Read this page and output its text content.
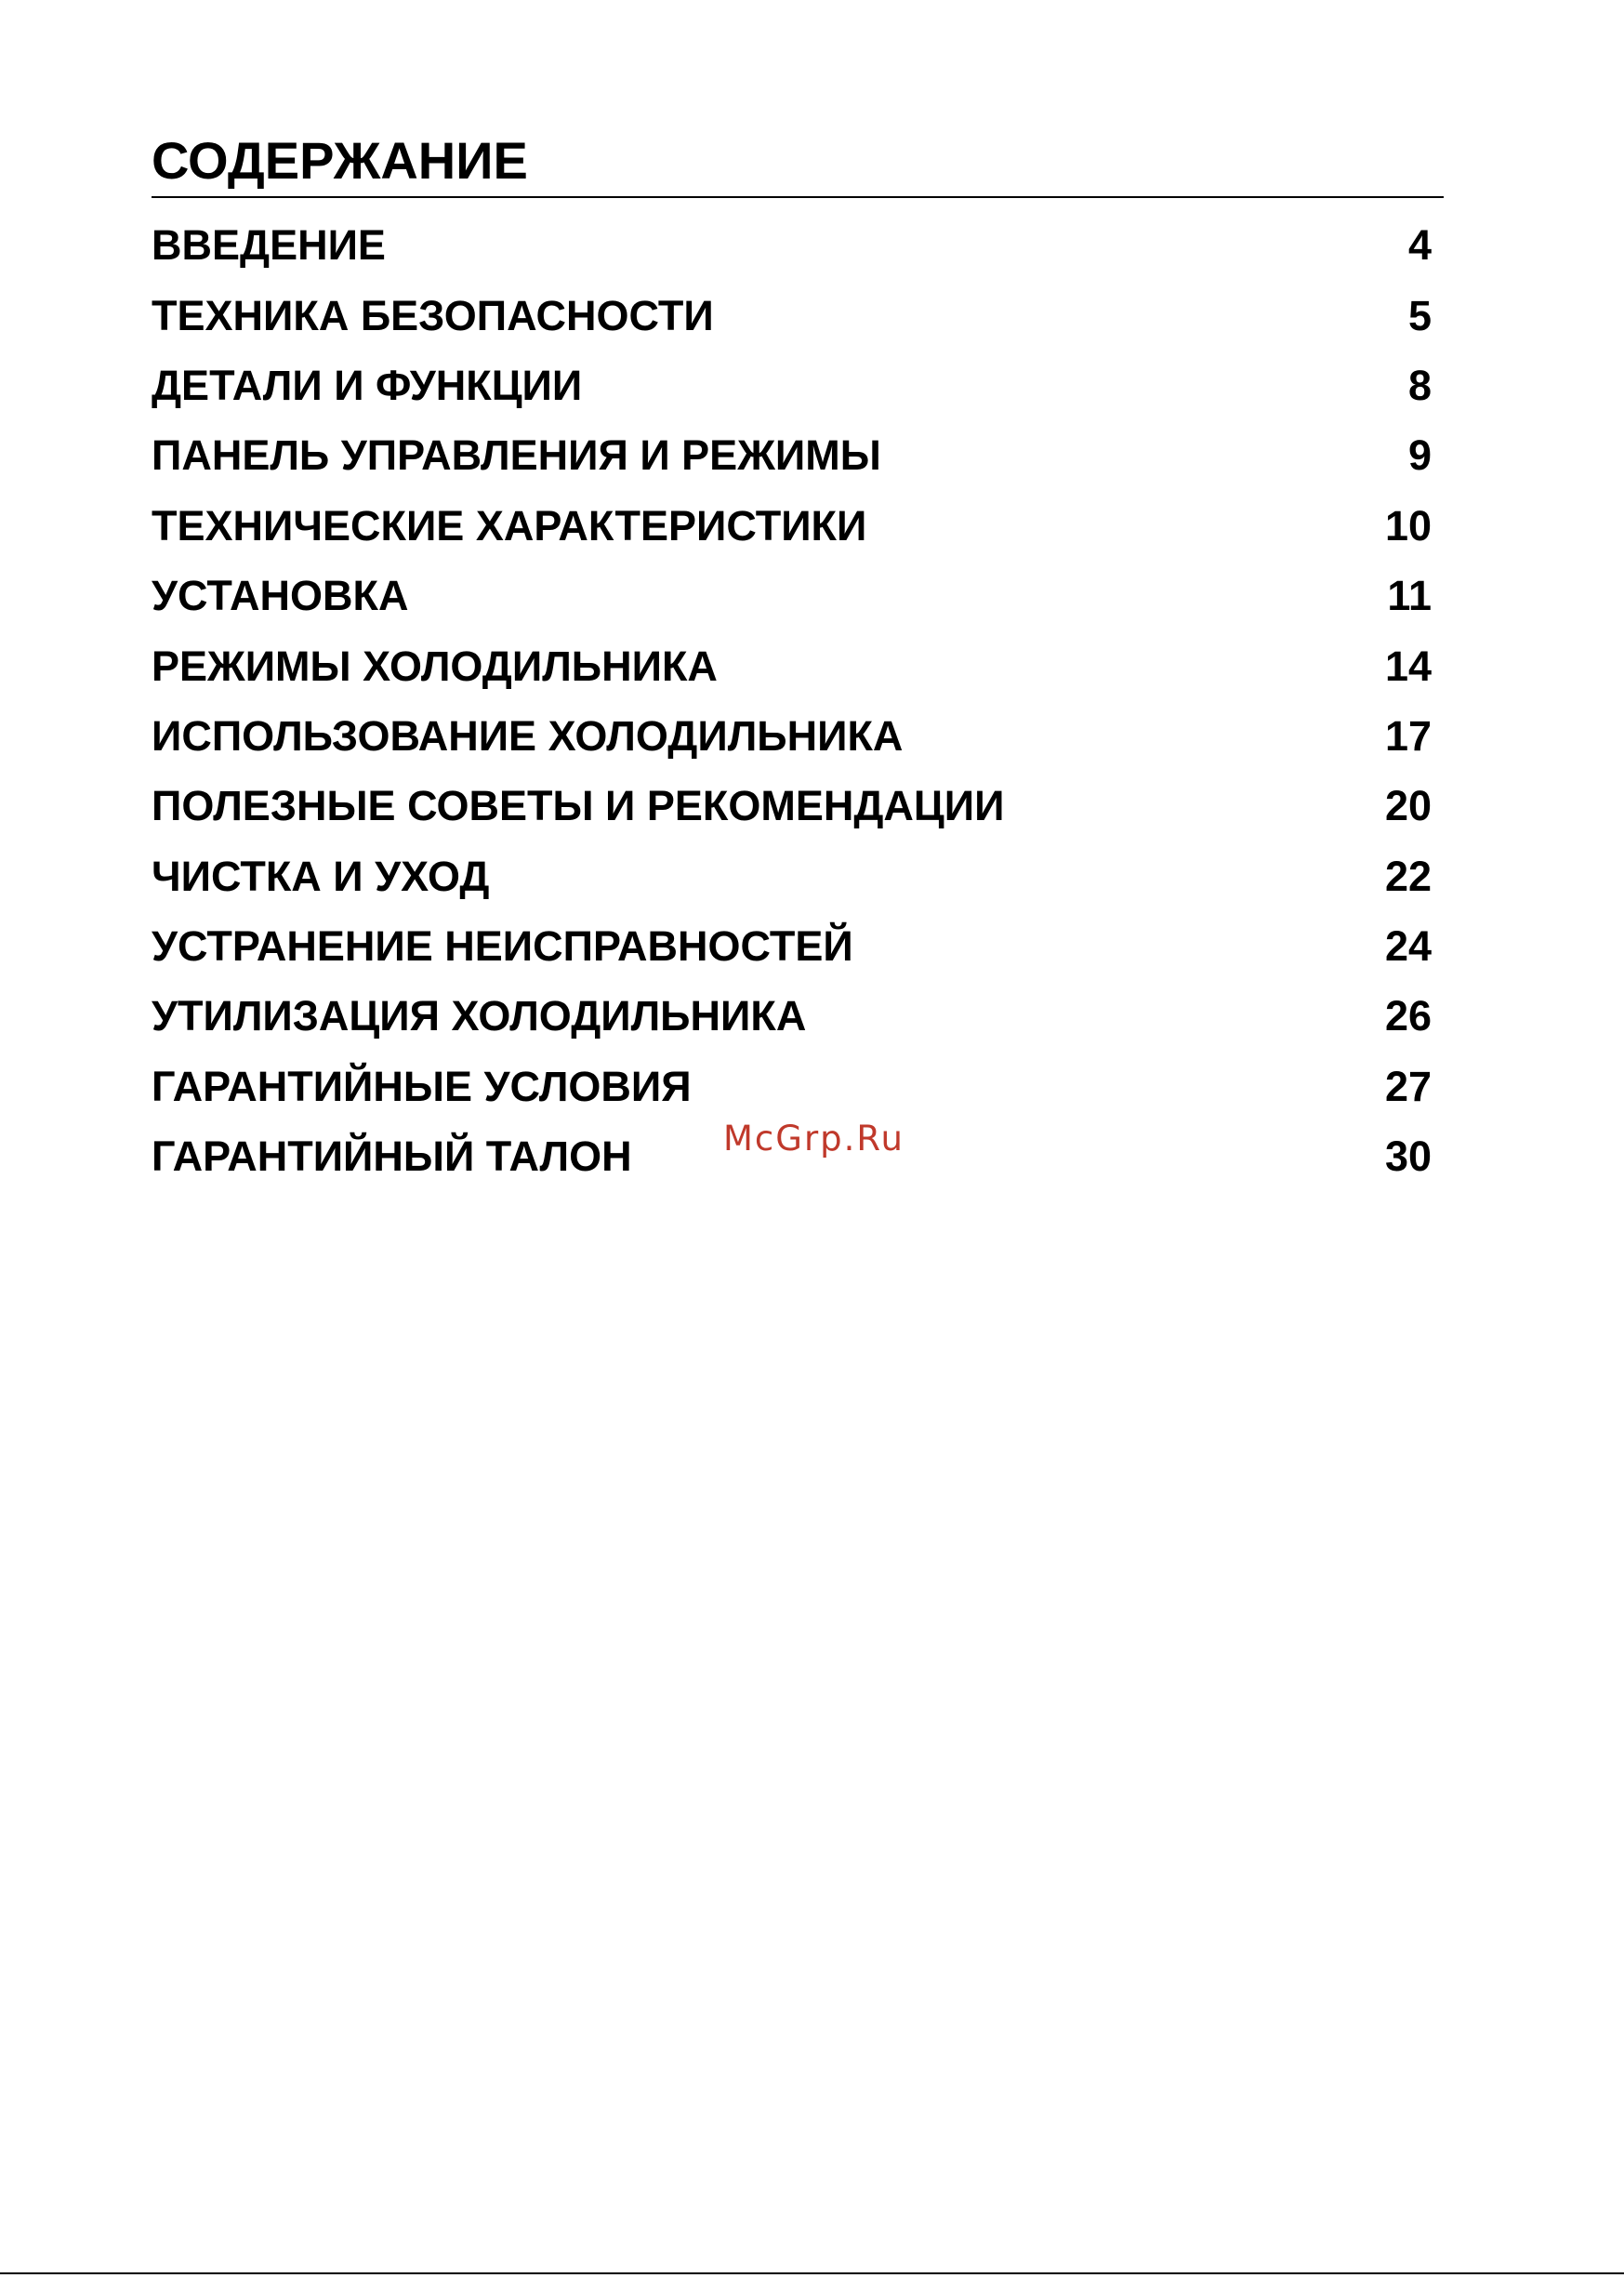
СОДЕРЖАНИЕ
ВВЕДЕНИЕ	4
ТЕХНИКА БЕЗОПАСНОСТИ	5
ДЕТАЛИ И ФУНКЦИИ	8
ПАНЕЛЬ УПРАВЛЕНИЯ И РЕЖИМЫ	9
ТЕХНИЧЕСКИЕ ХАРАКТЕРИСТИКИ	10
УСТАНОВКА	11
РЕЖИМЫ ХОЛОДИЛЬНИКА	14
ИСПОЛЬЗОВАНИЕ ХОЛОДИЛЬНИКА	17
ПОЛЕЗНЫЕ СОВЕТЫ И РЕКОМЕНДАЦИИ	20
ЧИСТКА И УХОД	22
УСТРАНЕНИЕ НЕИСПРАВНОСТЕЙ	24
УТИЛИЗАЦИЯ ХОЛОДИЛЬНИКА	26
ГАРАНТИЙНЫЕ УСЛОВИЯ	27
ГАРАНТИЙНЫЙ ТАЛОН	30
McGrp.Ru
